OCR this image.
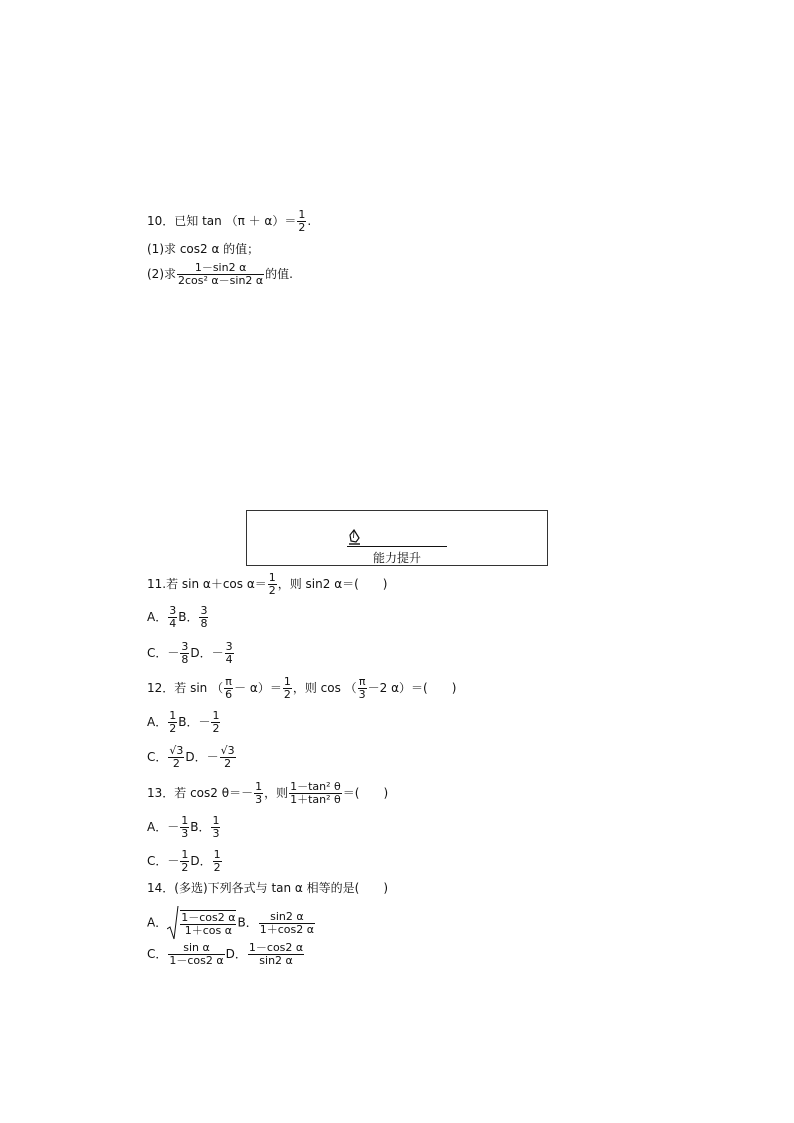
10．已知 $\tan (\pi + \alpha)= \frac{1}{2}$ .
(1)求 cos2 α 的值；
(2)求 $\frac{1-\sin 2 \alpha}{\text{2cos² α－sin2 α}}$ 的值.
能力提升
11.若 sin α＋cos $\alpha= \frac{1}{2}$ ，则 sin2 α＝(　　)
A． $\frac{3}{4}$ B． $\frac{3}{8}$
C．－ $\frac{3}{8}$ D．－ $\frac{3}{4}$
12．若 sin （ $\frac{\pi}{6} - \alpha)= \frac{1}{2}$ ，则 cos （ $\frac{\pi}{3} -2$ α）＝(　　)
A． $\frac{1}{2}$ B．－ $\frac{1}{2}$
C． $\frac{√3}{2}$ D．－ $\frac{√3}{2}$
13．若 cos2 $\theta=- \frac{1}{3}$ ，则 $\frac{\text{1－tan² θ}}{\text{1＋tan² θ}}$ ＝(　　)
A．－ $\frac{1}{3}$ B． $\frac{1}{3}$
C．－ $\frac{1}{2}$ D． $\frac{1}{2}$
14．(多选)下列各式与 tan α 相等的是(　　)
A． $\frac{1-\cos 2 \alpha}{\text{1＋cos α}}$ B． $\frac{\sin 2 \alpha}{1+\cos 2 \alpha}$
C． $\frac{\text{sin α}}{1-\cos 2 \alpha}$ D． $\frac{1-\cos 2 \alpha}{\sin 2 \alpha}$
